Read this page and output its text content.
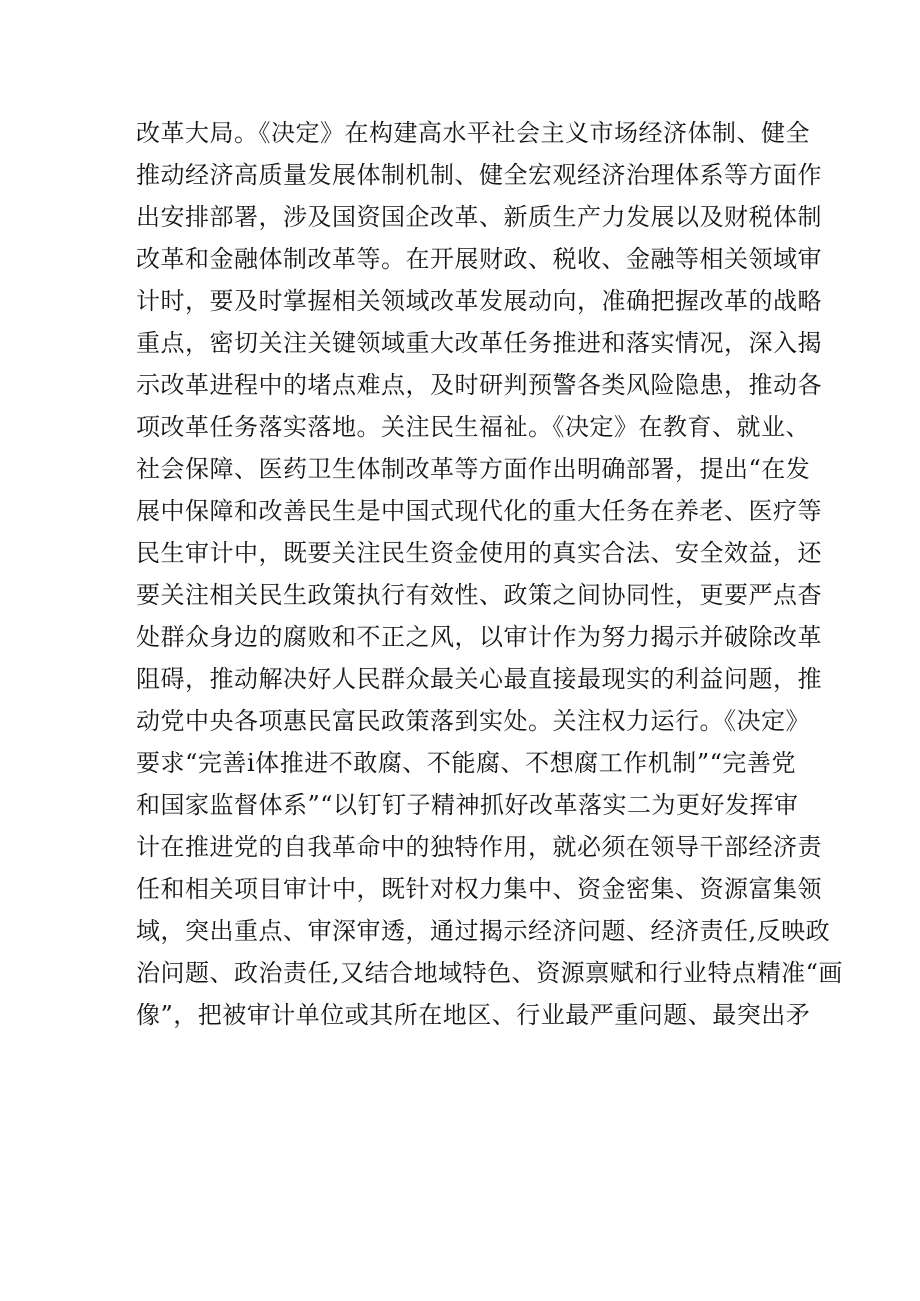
改革大局。《决定》在构建高水平社会主义市场经济体制、健全
推动经济高质量发展体制机制、健全宏观经济治理体系等方面作
出安排部署，涉及国资国企改革、新质生产力发展以及财税体制
改革和金融体制改革等。在开展财政、税收、金融等相关领域审
计时，要及时掌握相关领域改革发展动向，准确把握改革的战略
重点，密切关注关键领域重大改革任务推进和落实情况，深入揭
示改革进程中的堵点难点，及时研判预警各类风险隐患，推动各
项改革任务落实落地。关注民生福祉。《决定》在教育、就业、
社会保障、医药卫生体制改革等方面作出明确部署，提出“在发
展中保障和改善民生是中国式现代化的重大任务在养老、医疗等
民生审计中，既要关注民生资金使用的真实合法、安全效益，还
要关注相关民生政策执行有效性、政策之间协同性，更要严点杳
处群众身边的腐败和不正之风，以审计作为努力揭示并破除改革
阻碍，推动解决好人民群众最关心最直接最现实的利益问题，推
动党中央各项惠民富民政策落到实处。关注权力运行。《决定》
要求“完善i体推进不敢腐、不能腐、不想腐工作机制”“完善党
和国家监督体系”“以钉钉子精神抓好改革落实二为更好发挥审
计在推进党的自我革命中的独特作用，就必须在领导干部经济责
任和相关项目审计中，既针对权力集中、资金密集、资源富集领
域，突出重点、审深审透，通过揭示经济问题、经济责任,反映政
治问题、政治责任,又结合地域特色、资源禀赋和行业特点精准“画
像”，把被审计单位或其所在地区、行业最严重问题、最突出矛
